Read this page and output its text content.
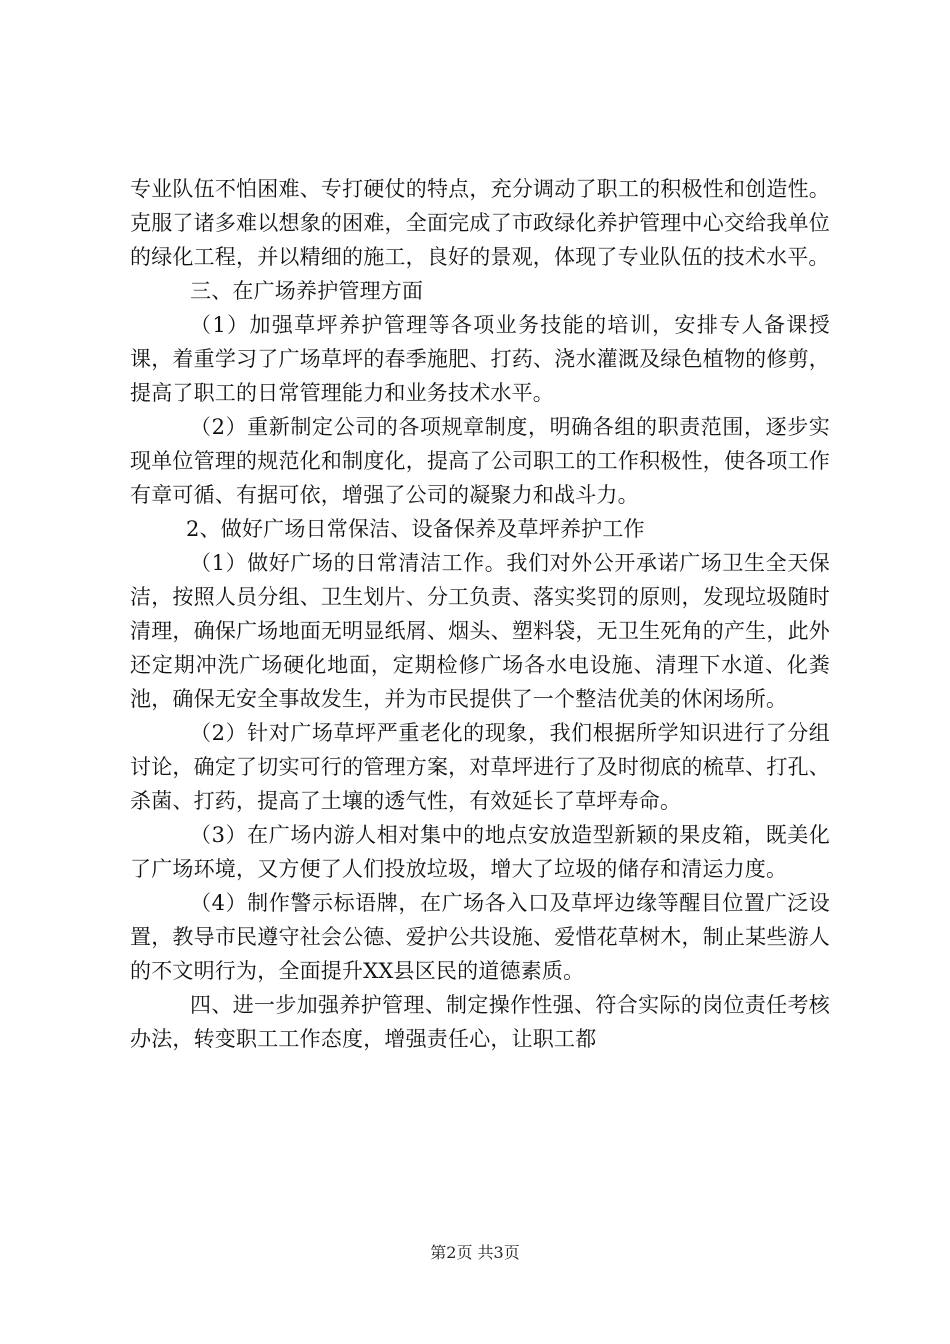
专业队伍不怕困难、专打硬仗的特点，充分调动了职工的积极性和创造性。克服了诸多难以想象的困难，全面完成了市政绿化养护管理中心交给我单位的绿化工程，并以精细的施工，良好的景观，体现了专业队伍的技术水平。

三、在广场养护管理方面

（1）加强草坪养护管理等各项业务技能的培训，安排专人备课授课，着重学习了广场草坪的春季施肥、打药、浇水灌溉及绿色植物的修剪，提高了职工的日常管理能力和业务技术水平。

（2）重新制定公司的各项规章制度，明确各组的职责范围，逐步实现单位管理的规范化和制度化，提高了公司职工的工作积极性，使各项工作有章可循、有据可依，增强了公司的凝聚力和战斗力。

2、做好广场日常保洁、设备保养及草坪养护工作

（1）做好广场的日常清洁工作。我们对外公开承诺广场卫生全天保洁，按照人员分组、卫生划片、分工负责、落实奖罚的原则，发现垃圾随时清理，确保广场地面无明显纸屑、烟头、塑料袋，无卫生死角的产生，此外还定期冲洗广场硬化地面，定期检修广场各水电设施、清理下水道、化粪池，确保无安全事故发生，并为市民提供了一个整洁优美的休闲场所。

（2）针对广场草坪严重老化的现象，我们根据所学知识进行了分组讨论，确定了切实可行的管理方案，对草坪进行了及时彻底的梳草、打孔、杀菌、打药，提高了土壤的透气性，有效延长了草坪寿命。

（3）在广场内游人相对集中的地点安放造型新颖的果皮箱，既美化了广场环境，又方便了人们投放垃圾，增大了垃圾的储存和清运力度。

（4）制作警示标语牌，在广场各入口及草坪边缘等醒目位置广泛设置，教导市民遵守社会公德、爱护公共设施、爱惜花草树木，制止某些游人的不文明行为，全面提升XX县区民的道德素质。

四、进一步加强养护管理、制定操作性强、符合实际的岗位责任考核办法，转变职工工作态度，增强责任心，让职工都

第2页 共3页
